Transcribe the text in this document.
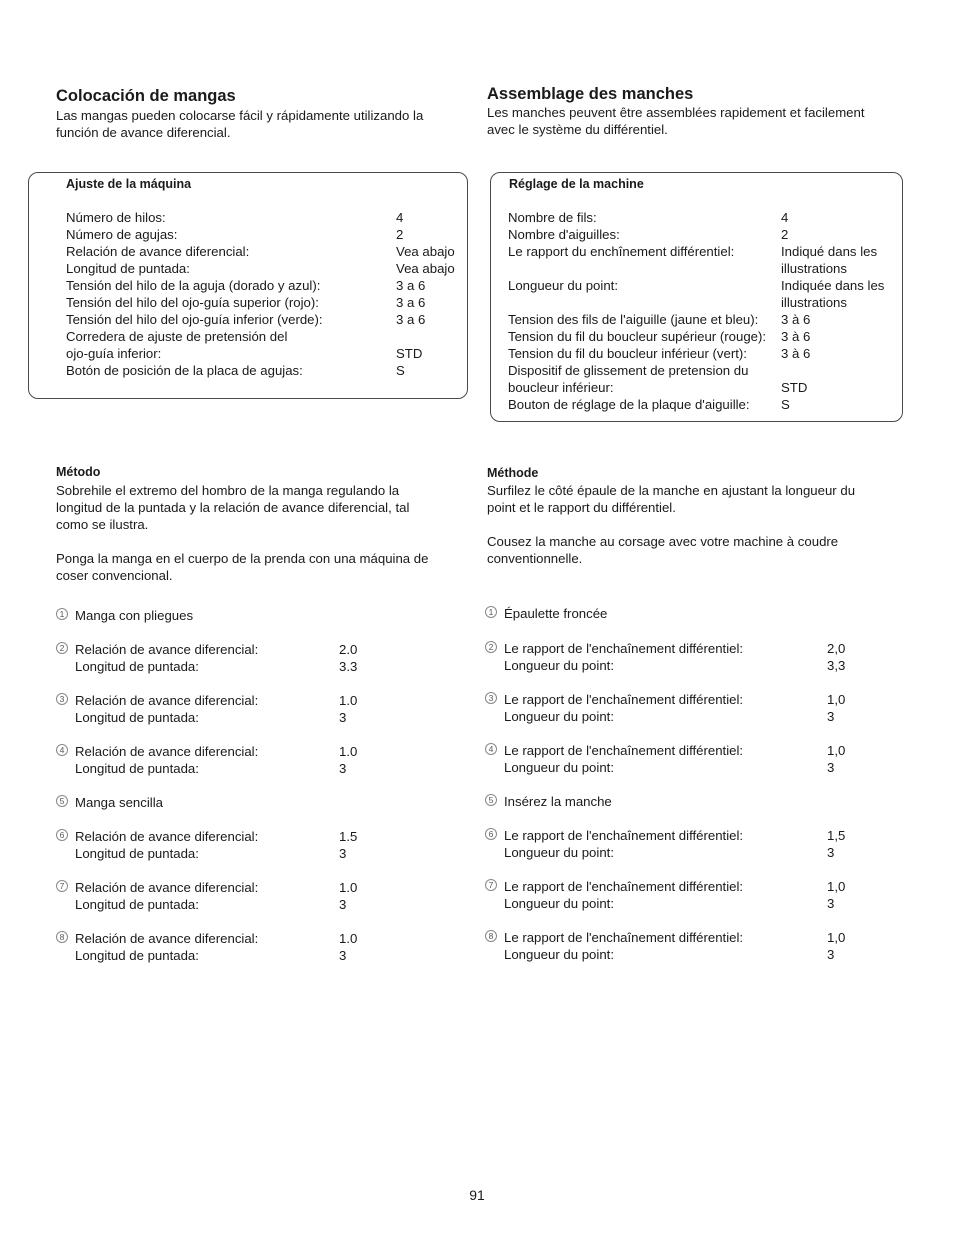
Colocación de mangas
Las mangas pueden colocarse fácil y rápidamente utilizando la
función de avance diferencial.
Ajuste de la máquina
Número de hilos:	4
Número de agujas:	2
Relación de avance diferencial:	Vea abajo
Longitud de puntada:	Vea abajo
Tensión del hilo de la aguja (dorado y azul):	3 a 6
Tensión del hilo del ojo-guía superior (rojo):	3 a 6
Tensión del hilo del ojo-guía inferior (verde):	3 a 6
Corredera de ajuste de pretensión del
ojo-guía inferior:	STD
Botón de posición de la placa de agujas:	S
Método
Sobrehile el extremo del hombro de la manga regulando la
longitud de la puntada y la relación de avance diferencial, tal
como se ilustra.
Ponga la manga en el cuerpo de la prenda con una máquina de
coser convencional.
1 Manga con pliegues
2 Relación de avance diferencial:	2.0
Longitud de puntada:	3.3
3 Relación de avance diferencial:	1.0
Longitud de puntada:	3
4 Relación de avance diferencial:	1.0
Longitud de puntada:	3
5 Manga sencilla
6 Relación de avance diferencial:	1.5
Longitud de puntada:	3
7 Relación de avance diferencial:	1.0
Longitud de puntada:	3
8 Relación de avance diferencial:	1.0
Longitud de puntada:	3
Assemblage des manches
Les manches peuvent être assemblées rapidement et facilement
avec le système du différentiel.
Réglage de la machine
Nombre de fils:	4
Nombre d'aiguilles:	2
Le rapport du enchînement différentiel:	Indiqué dans les
illustrations
Longueur du point:	Indiquée dans les
illustrations
Tension des fils de l'aiguille (jaune et bleu): 3 à 6
Tension du fil du boucleur supérieur (rouge): 3 à 6
Tension du fil du boucleur inférieur (vert):	3 à 6
Dispositif de glissement de pretension du
boucleur inférieur:	STD
Bouton de réglage de la plaque d'aiguille: S
Méthode
Surfilez le côté épaule de la manche en ajustant la longueur du
point et le rapport du différentiel.
Cousez la manche au corsage avec votre machine à coudre
conventionnelle.
1 Épaulette froncée
2 Le rapport de l'enchaînement différentiel:	2,0
Longueur du point:	3,3
3 Le rapport de l'enchaînement différentiel:	1,0
Longueur du point:	3
4 Le rapport de l'enchaînement différentiel:	1,0
Longueur du point:	3
5 Insérez la manche
6 Le rapport de l'enchaînement différentiel:	1,5
Longueur du point:	3
7 Le rapport de l'enchaînement différentiel:	1,0
Longueur du point:	3
8 Le rapport de l'enchaînement différentiel:	1,0
Longueur du point:	3
91
